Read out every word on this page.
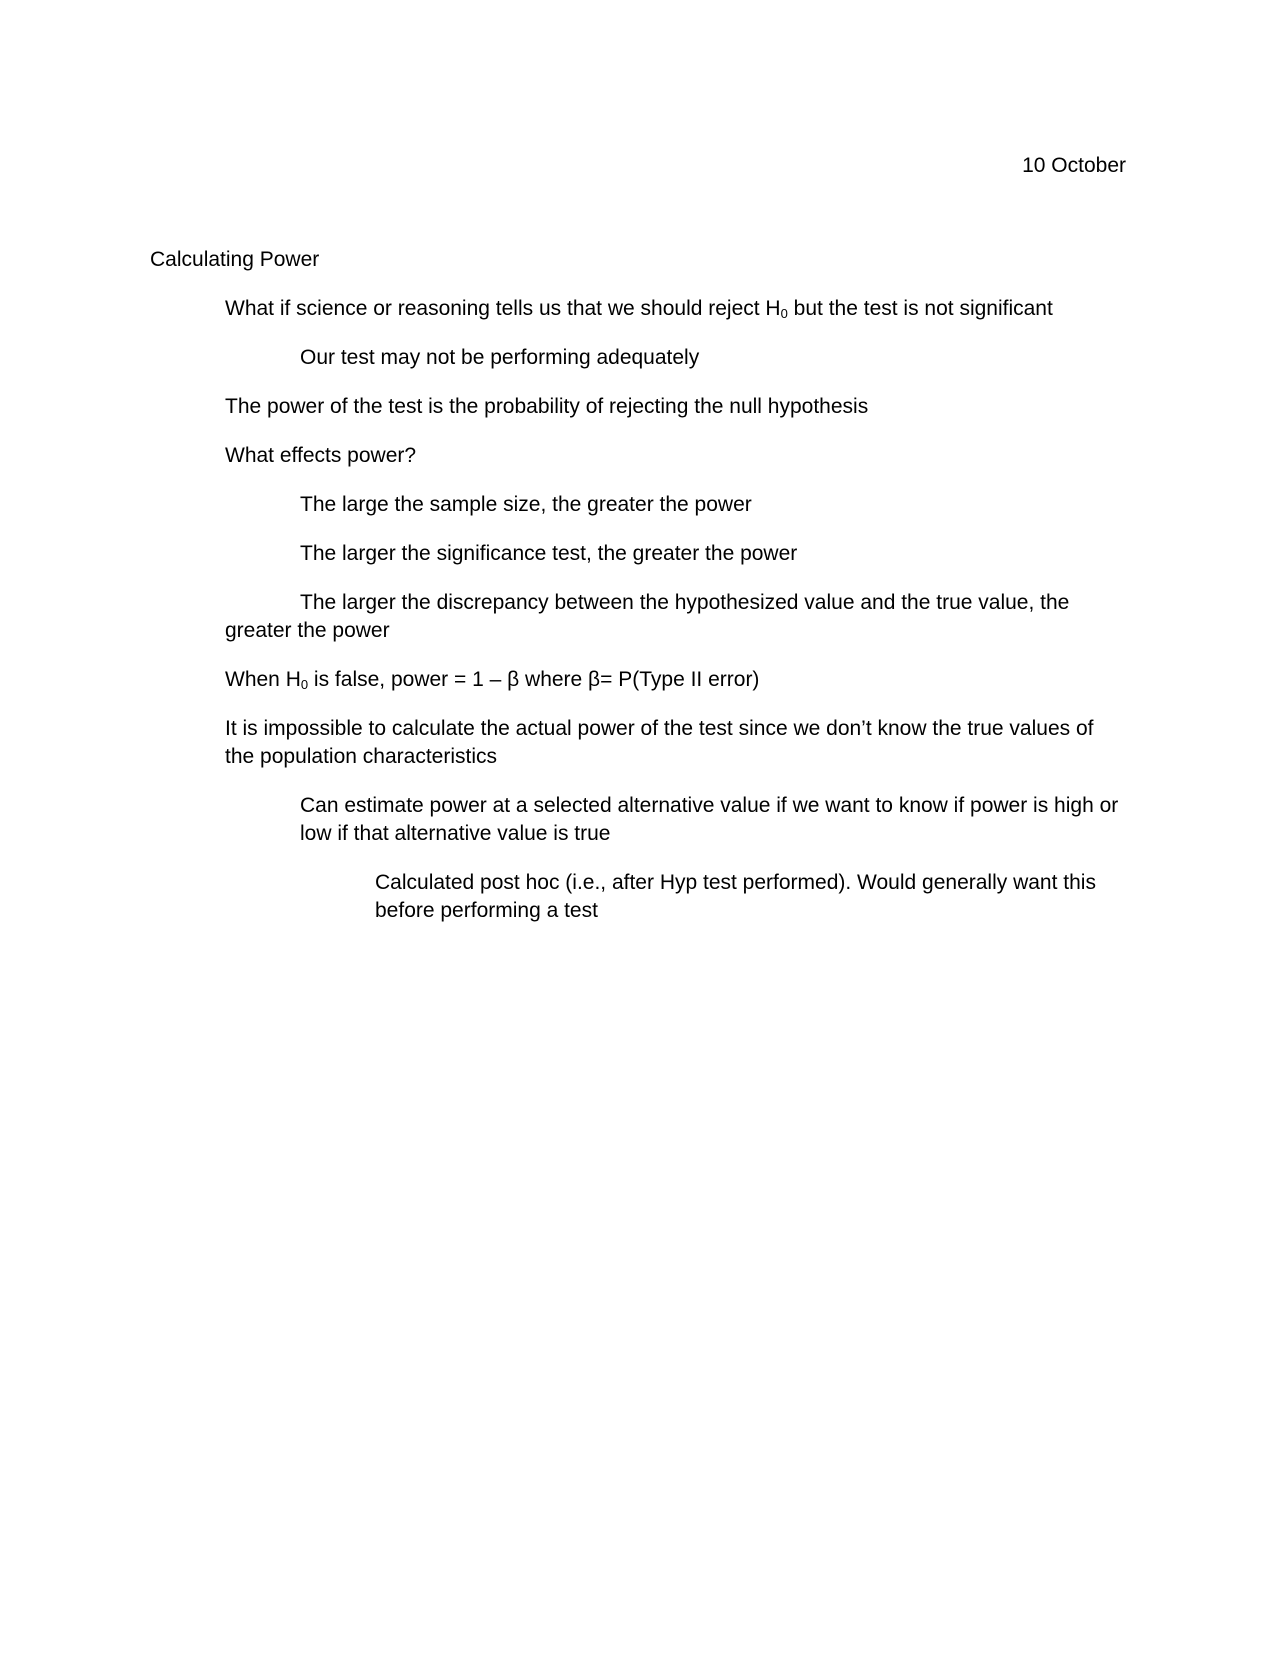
10 October

Calculating Power

What if science or reasoning tells us that we should reject $H_0$ but the test is not significant

Our test may not be performing adequately

The power of the test is the probability of rejecting the null hypothesis

What effects power?

The large the sample size, the greater the power

The larger the significance test, the greater the power

The larger the discrepancy between the hypothesized value and the true value, the greater the power

When $H_0$ is false, power = 1 – β where β= P(Type II error)

It is impossible to calculate the actual power of the test since we don’t know the true values of the population characteristics

Can estimate power at a selected alternative value if we want to know if power is high or low if that alternative value is true

Calculated post hoc (i.e., after Hyp test performed). Would generally want this before performing a test
